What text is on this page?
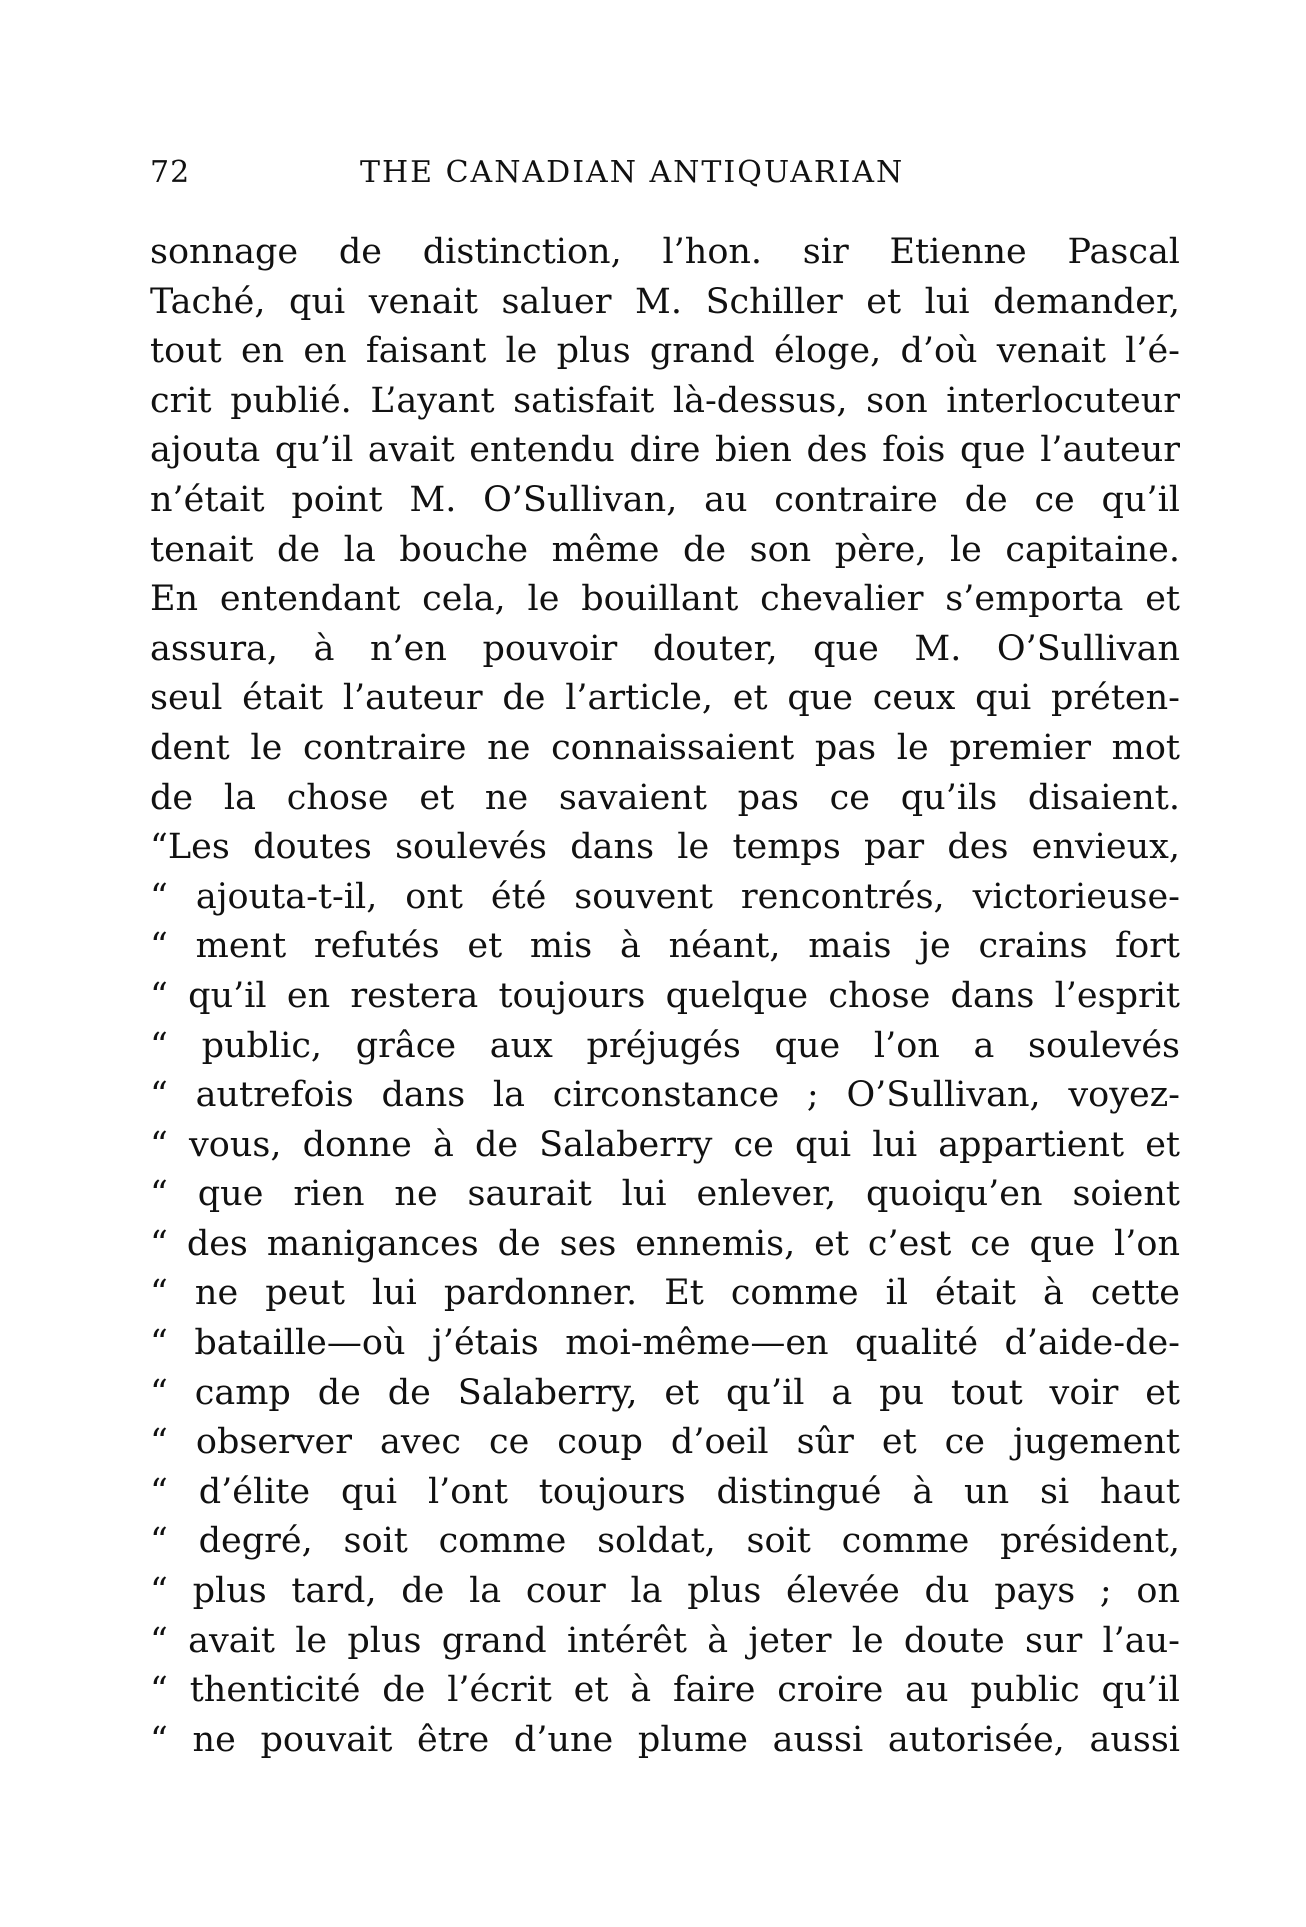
72	THE CANADIAN ANTIQUARIAN
sonnage de distinction, l’hon. sir Etienne Pascal
Taché, qui venait saluer M. Schiller et lui demander,
tout en en faisant le plus grand éloge, d’où venait l’é-
crit publié. L’ayant satisfait là-dessus, son interlocuteur
ajouta qu’il avait entendu dire bien des fois que l’auteur
n’était point M. O’Sullivan, au contraire de ce qu’il
tenait de la bouche même de son père, le capitaine.
En entendant cela, le bouillant chevalier s’emporta et
assura, à n’en pouvoir douter, que M. O’Sullivan
seul était l’auteur de l’article, et que ceux qui préten-
dent le contraire ne connaissaient pas le premier mot
de la chose et ne savaient pas ce qu’ils disaient.
“Les doutes soulevés dans le temps par des envieux,
“ ajouta-t-il, ont été souvent rencontrés, victorieuse-
“ ment refutés et mis à néant, mais je crains fort
“ qu’il en restera toujours quelque chose dans l’esprit
“ public, grâce aux préjugés que l’on a soulevés
“ autrefois dans la circonstance ; O’Sullivan, voyez-
“ vous, donne à de Salaberry ce qui lui appartient et
“ que rien ne saurait lui enlever, quoiqu’en soient
“ des manigances de ses ennemis, et c’est ce que l’on
“ ne peut lui pardonner. Et comme il était à cette
“ bataille—où j’étais moi-même—en qualité d’aide-de-
“ camp de de Salaberry, et qu’il a pu tout voir et
“ observer avec ce coup d’oeil sûr et ce jugement
“ d’élite qui l’ont toujours distingué à un si haut
“ degré, soit comme soldat, soit comme président,
“ plus tard, de la cour la plus élevée du pays ; on
“ avait le plus grand intérêt à jeter le doute sur l’au-
“ thenticité de l’écrit et à faire croire au public qu’il
“ ne pouvait être d’une plume aussi autorisée, aussi
